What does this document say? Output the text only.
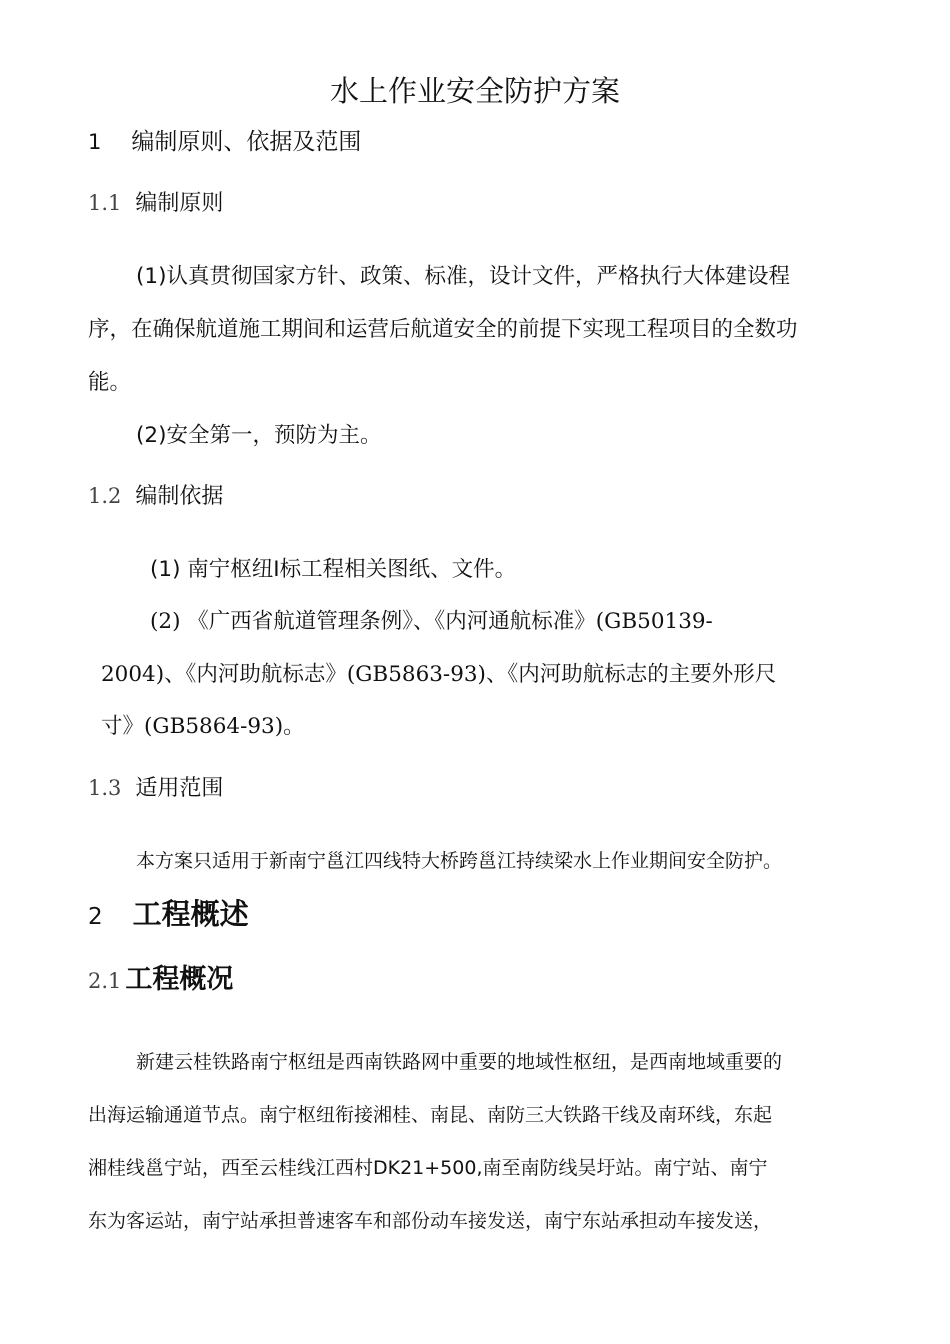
水上作业安全防护方案
1 编制原则、依据及范围
1.1 编制原则
(1)认真贯彻国家方针、政策、标准，设计文件，严格执行大体建设程
序，在确保航道施工期间和运营后航道安全的前提下实现工程项目的全数功
能。
(2)安全第一，预防为主。
1.2 编制依据
(1) 南宁枢纽Ⅰ标工程相关图纸、文件。
(2) 《广西省航道管理条例》、《内河通航标准》(GB50139-
2004)、《内河助航标志》(GB5863-93)、《内河助航标志的主要外形尺
寸》(GB5864-93)。
1.3 适用范围
本方案只适用于新南宁邕江四线特大桥跨邕江持续梁水上作业期间安全防护。
2 工程概述
2.1 工程概况
新建云桂铁路南宁枢纽是西南铁路网中重要的地域性枢纽，是西南地域重要的
出海运输通道节点。南宁枢纽衔接湘桂、南昆、南防三大铁路干线及南环线，东起
湘桂线邕宁站，西至云桂线江西村DK21+500,南至南防线吴圩站。南宁站、南宁
东为客运站，南宁站承担普速客车和部份动车接发送，南宁东站承担动车接发送，
